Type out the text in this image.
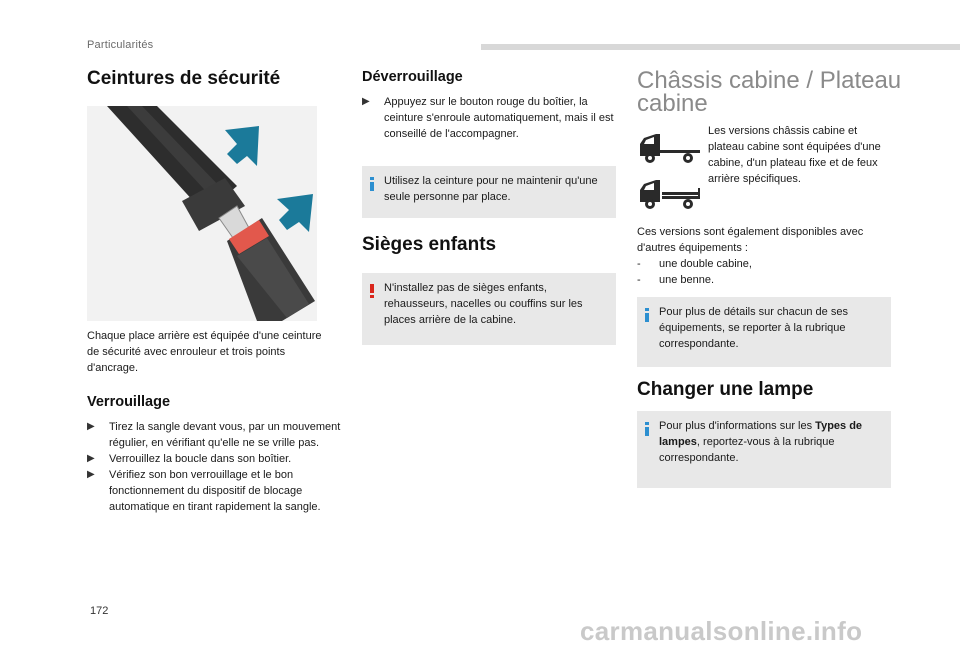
Particularités
Ceintures de sécurité
Chaque place arrière est équipée d'une ceinture de sécurité avec enrouleur et trois points d'ancrage.
Verrouillage
▶ Tirez la sangle devant vous, par un mouvement régulier, en vérifiant qu'elle ne se vrille pas.
▶ Verrouillez la boucle dans son boîtier.
▶ Vérifiez son bon verrouillage et le bon fonctionnement du dispositif de blocage automatique en tirant rapidement la sangle.
Déverrouillage
▶ Appuyez sur le bouton rouge du boîtier, la ceinture s'enroule automatiquement, mais il est conseillé de l'accompagner.
Utilisez la ceinture pour ne maintenir qu'une seule personne par place.
Sièges enfants
N'installez pas de sièges enfants, rehausseurs, nacelles ou couffins sur les places arrière de la cabine.
Châssis cabine / Plateau
cabine
Les versions châssis cabine et plateau cabine sont équipées d'une cabine, d'un plateau fixe et de feux arrière spécifiques.
Ces versions sont également disponibles avec d'autres équipements :
- une double cabine,
- une benne.
Pour plus de détails sur chacun de ses équipements, se reporter à la rubrique correspondante.
Changer une lampe
Pour plus d'informations sur les Types de lampes, reportez-vous à la rubrique correspondante.
172
carmanualsonline.info
